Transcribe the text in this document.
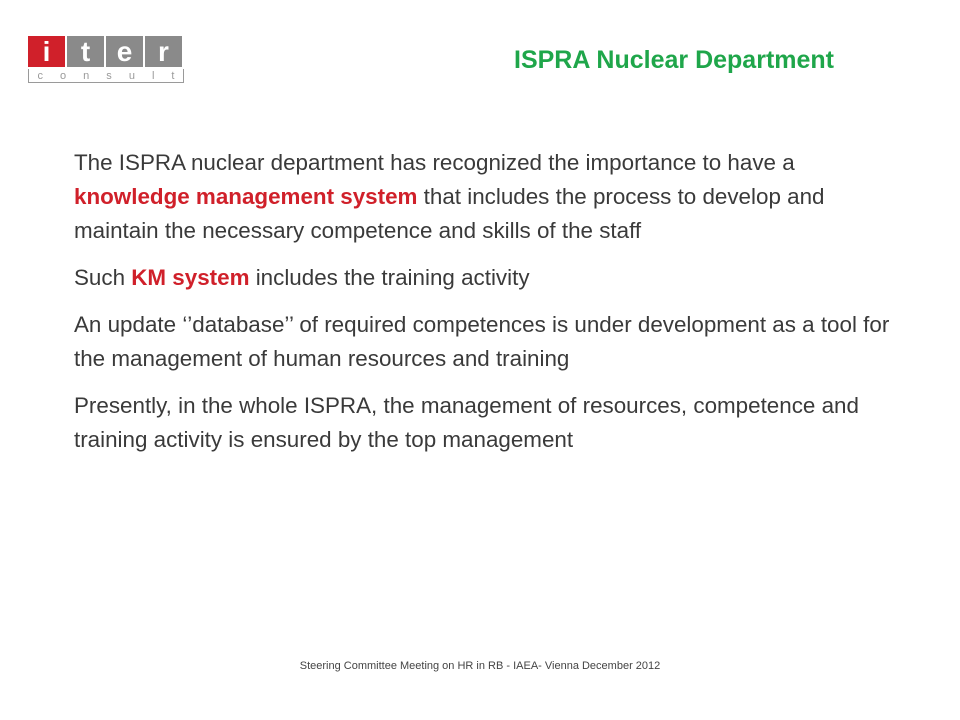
i	t e r
c o n s u l t
ISPRA Nuclear Department

The ISPRA nuclear department has recognized the importance to have a knowledge management system that includes the process to develop and maintain the necessary competence and skills of the staff

Such KM system includes the training activity

An update ‘’database’’ of required competences is under development as a tool for the management of human resources and training

Presently, in the whole ISPRA, the management of resources, competence and training activity is ensured by the top management

Steering Committee Meeting on HR in RB - IAEA- Vienna December 2012
